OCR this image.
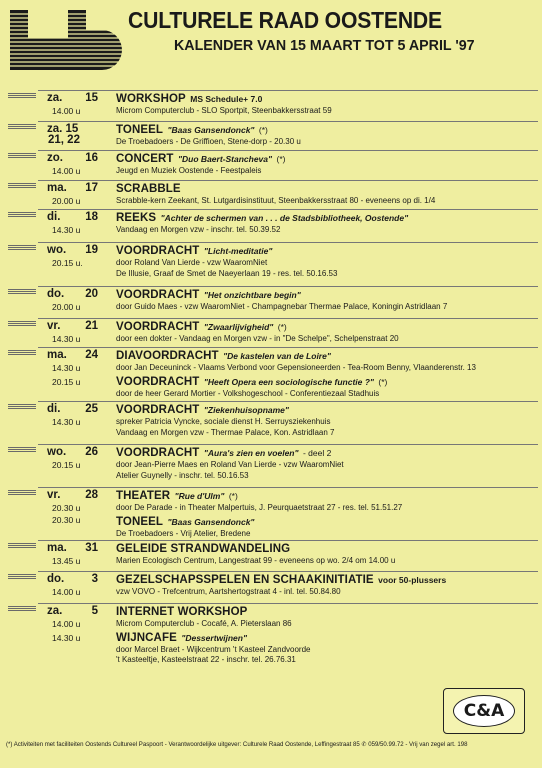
CULTURELE RAAD OOSTENDE
KALENDER VAN 15 MAART TOT 5 APRIL '97
za. 15
14.00 u
WORKSHOP MS Schedule+ 7.0
Microm Computerclub - SLO Sportpit, Steenbakkersstraat 59
za. 15
21, 22
TONEEL "Baas Gansendonck" (*)
De Troebadoers - De Griffioen, Stene-dorp - 20.30 u
zo. 16
14.00 u
CONCERT "Duo Baert-Stancheva" (*)
Jeugd en Muziek Oostende - Feestpaleis
ma. 17
20.00 u
SCRABBLE
Scrabble-kern Zeekant, St. Lutgardisinstituut, Steenbakkersstraat 80 - eveneens op di. 1/4
di. 18
14.30 u
REEKS "Achter de schermen van . . . de Stadsbibliotheek, Oostende"
Vandaag en Morgen vzw - inschr. tel. 50.39.52
wo. 19
20.15 u.
VOORDRACHT "Licht-meditatie"
door Roland Van Lierde - vzw WaaromNiet
De Illusie, Graaf de Smet de Naeyerlaan 19 - res. tel. 50.16.53
do. 20
20.00 u
VOORDRACHT "Het onzichtbare begin"
door Guido Maes - vzw WaaromNiet - Champagnebar Thermae Palace, Koningin Astridlaan 7
vr. 21
14.30 u
VOORDRACHT "Zwaarlijvigheid" (*)
door een dokter - Vandaag en Morgen vzw - in "De Schelpe", Schelpenstraat 20
ma. 24
14.30 u
20.15 u
DIAVOORDRACHT "De kastelen van de Loire"
door Jan Deceuninck - Vlaams Verbond voor Gepensioneerden - Tea-Room Benny, Vlaanderenstr. 13
VOORDRACHT "Heeft Opera een sociologische functie ?" (*)
door de heer Gerard Mortier - Volkshogeschool - Conferentiezaal Stadhuis
di. 25
14.30 u
VOORDRACHT "Ziekenhuisopname"
spreker Patricia Vyncke, sociale dienst H. Serruysziekenhuis
Vandaag en Morgen vzw - Thermae Palace, Kon. Astridlaan 7
wo. 26
20.15 u
VOORDRACHT "Aura's zien en voelen" - deel 2
door Jean-Pierre Maes en Roland Van Lierde - vzw WaaromNiet
Atelier Guynelly - inschr. tel. 50.16.53
vr. 28
20.30 u
20.30 u
THEATER "Rue d'Ulm" (*)
door De Parade - in Theater Malpertuis, J. Peurquaetstraat 27 - res. tel. 51.51.27
TONEEL "Baas Gansendonck"
De Troebadoers - Vrij Atelier, Bredene
ma. 31
13.45 u
GELEIDE STRANDWANDELING
Marien Ecologisch Centrum, Langestraat 99 - eveneens op wo. 2/4 om 14.00 u
do.	3
14.00 u
GEZELSCHAPSSPELEN EN SCHAAKINITIATIE voor 50-plussers
vzw VOVO - Trefcentrum, Aartshertogstraat 4 - inl. tel. 50.84.80
za.	5
14.00 u
14.30 u
INTERNET WORKSHOP
Microm Computerclub - Cocafé, A. Pieterslaan 86
WIJNCAFE "Dessertwijnen"
door Marcel Braet - Wijkcentrum 't Kasteel Zandvoorde
't Kasteeltje, Kasteelstraat 22 - inschr. tel. 26.76.31
C&A
(*) Activiteiten met faciliteiten Oostends Cultureel Paspoort - Verantwoordelijke uitgever: Culturele Raad Oostende, Leffingestraat 85 ✆ 059/50.99.72 - Vrij van zegel art. 198
